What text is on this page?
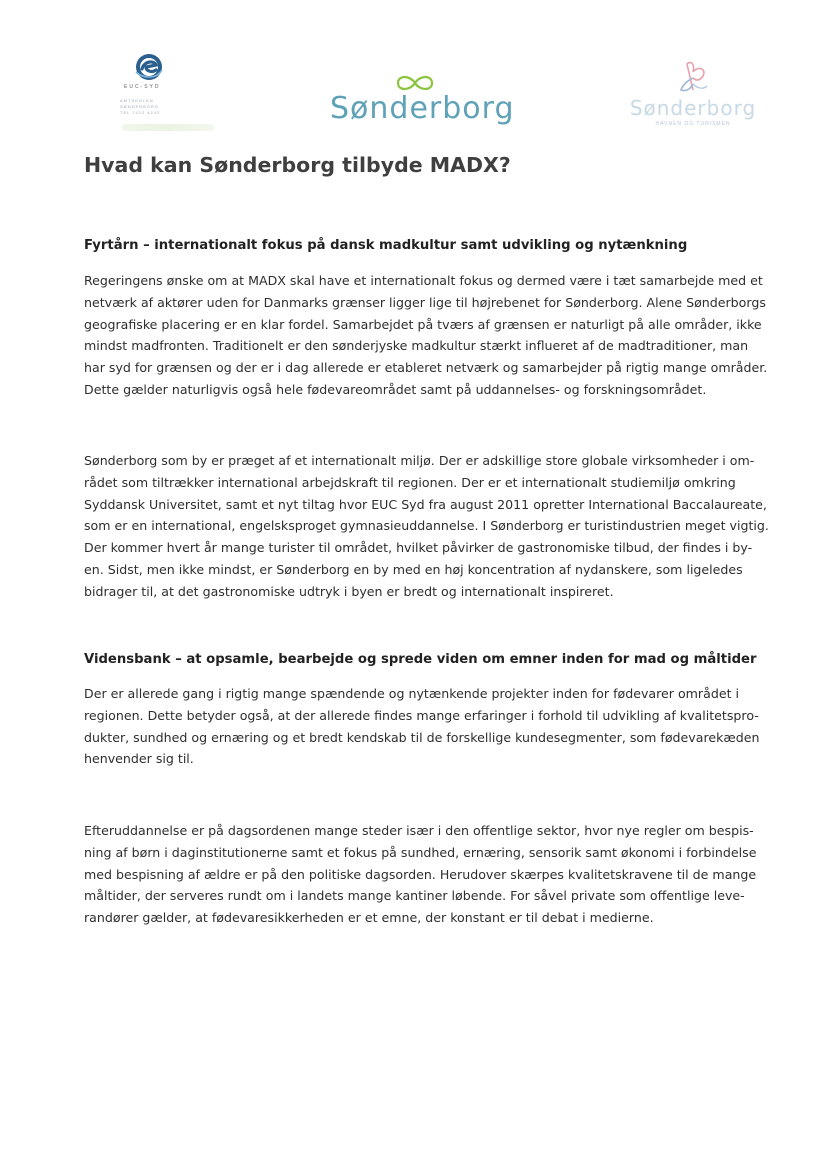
EUC-SYD
AMTSKOLEN
SØNDERBORG
TEL 7412 4242	Sønderborg	Sønderborg
HAVNEN OG TURISMEN
Hvad kan Sønderborg tilbyde MADX?

Fyrtårn – internationalt fokus på dansk madkultur samt udvikling og nytænkning

Regeringens ønske om at MADX skal have et internationalt fokus og dermed være i tæt samarbejde med et
netværk af aktører uden for Danmarks grænser ligger lige til højrebenet for Sønderborg. Alene Sønderborgs
geografiske placering er en klar fordel. Samarbejdet på tværs af grænsen er naturligt på alle områder, ikke
mindst madfronten. Traditionelt er den sønderjyske madkultur stærkt influeret af de madtraditioner, man
har syd for grænsen og der er i dag allerede er etableret netværk og samarbejder på rigtig mange områder.
Dette gælder naturligvis også hele fødevareområdet samt på uddannelses- og forskningsområdet.

Sønderborg som by er præget af et internationalt miljø. Der er adskillige store globale virksomheder i om-
rådet som tiltrækker international arbejdskraft til regionen. Der er et internationalt studiemiljø omkring
Syddansk Universitet, samt et nyt tiltag hvor EUC Syd fra august 2011 opretter International Baccalaureate,
som er en international, engelsksproget gymnasieuddannelse. I Sønderborg er turistindustrien meget vigtig.
Der kommer hvert år mange turister til området, hvilket påvirker de gastronomiske tilbud, der findes i by-
en. Sidst, men ikke mindst, er Sønderborg en by med en høj koncentration af nydanskere, som ligeledes
bidrager til, at det gastronomiske udtryk i byen er bredt og internationalt inspireret.

Vidensbank – at opsamle, bearbejde og sprede viden om emner inden for mad og måltider

Der er allerede gang i rigtig mange spændende og nytænkende projekter inden for fødevarer området i
regionen. Dette betyder også, at der allerede findes mange erfaringer i forhold til udvikling af kvalitetspro-
dukter, sundhed og ernæring og et bredt kendskab til de forskellige kundesegmenter, som fødevarekæden
henvender sig til.

Efteruddannelse er på dagsordenen mange steder især i den offentlige sektor, hvor nye regler om bespis-
ning af børn i daginstitutionerne samt et fokus på sundhed, ernæring, sensorik samt økonomi i forbindelse
med bespisning af ældre er på den politiske dagsorden. Herudover skærpes kvalitetskravene til de mange
måltider, der serveres rundt om i landets mange kantiner løbende. For såvel private som offentlige leve-
randører gælder, at fødevaresikkerheden er et emne, der konstant er til debat i medierne.
